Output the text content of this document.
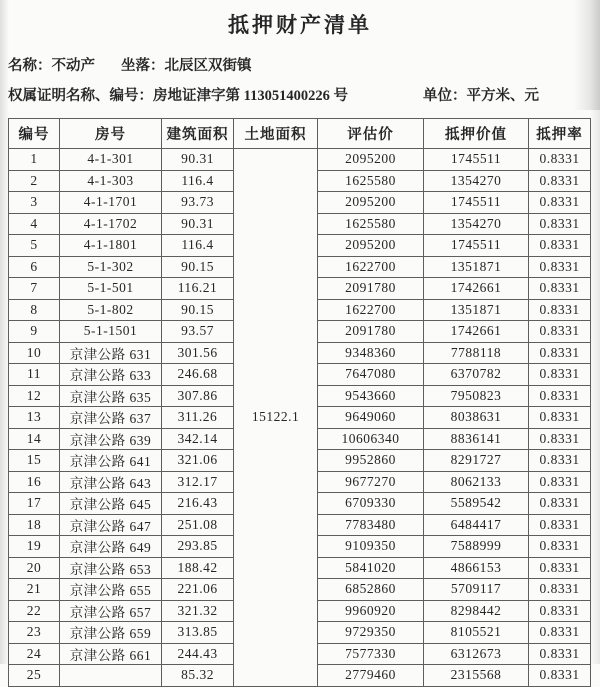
抵押财产清单
名称：不动产 坐落：北辰区双街镇
权属证明名称、编号：房地证津字第 113051400226 号	单位：平方米、元
编号	房号	建筑面积	土地面积	评估价	抵押价值	抵押率
1	4-1-301	90.31	15122.1	2095200	1745511	0.8331
2	4-1-303	116.4		1625580	1354270	0.8331
3	4-1-1701	93.73		2095200	1745511	0.8331
4	4-1-1702	90.31		1625580	1354270	0.8331
5	4-1-1801	116.4		2095200	1745511	0.8331
6	5-1-302	90.15		1622700	1351871	0.8331
7	5-1-501	116.21		2091780	1742661	0.8331
8	5-1-802	90.15		1622700	1351871	0.8331
9	5-1-1501	93.57		2091780	1742661	0.8331
10	京津公路 631	301.56		9348360	7788118	0.8331
11	京津公路 633	246.68		7647080	6370782	0.8331
12	京津公路 635	307.86		9543660	7950823	0.8331
13	京津公路 637	311.26		9649060	8038631	0.8331
14	京津公路 639	342.14		10606340	8836141	0.8331
15	京津公路 641	321.06		9952860	8291727	0.8331
16	京津公路 643	312.17		9677270	8062133	0.8331
17	京津公路 645	216.43		6709330	5589542	0.8331
18	京津公路 647	251.08		7783480	6484417	0.8331
19	京津公路 649	293.85		9109350	7588999	0.8331
20	京津公路 653	188.42		5841020	4866153	0.8331
21	京津公路 655	221.06		6852860	5709117	0.8331
22	京津公路 657	321.32		9960920	8298442	0.8331
23	京津公路 659	313.85		9729350	8105521	0.8331
24	京津公路 661	244.43		7577330	6312673	0.8331
25		85.32		2779460	2315568	0.8331
